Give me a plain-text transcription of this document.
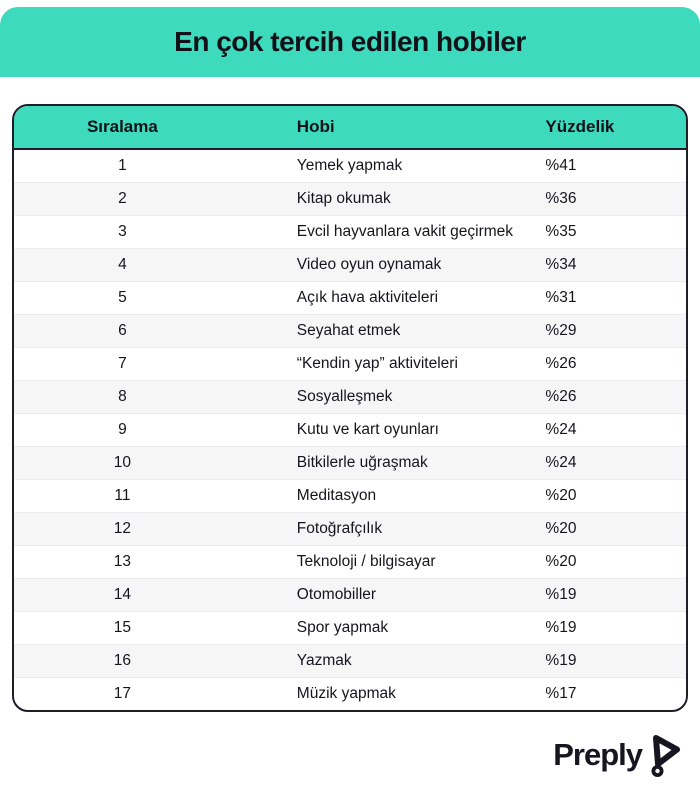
En çok tercih edilen hobiler
Sıralama	Hobi	Yüzdelik
1	Yemek yapmak	%41
2	Kitap okumak	%36
3	Evcil hayvanlara vakit geçirmek	%35
4	Video oyun oynamak	%34
5	Açık hava aktiviteleri	%31
6	Seyahat etmek	%29
7	“Kendin yap” aktiviteleri	%26
8	Sosyalleşmek	%26
9	Kutu ve kart oyunları	%24
10	Bitkilerle uğraşmak	%24
11	Meditasyon	%20
12	Fotoğrafçılık	%20
13	Teknoloji / bilgisayar	%20
14	Otomobiller	%19
15	Spor yapmak	%19
16	Yazmak	%19
17	Müzik yapmak	%17
Preply
